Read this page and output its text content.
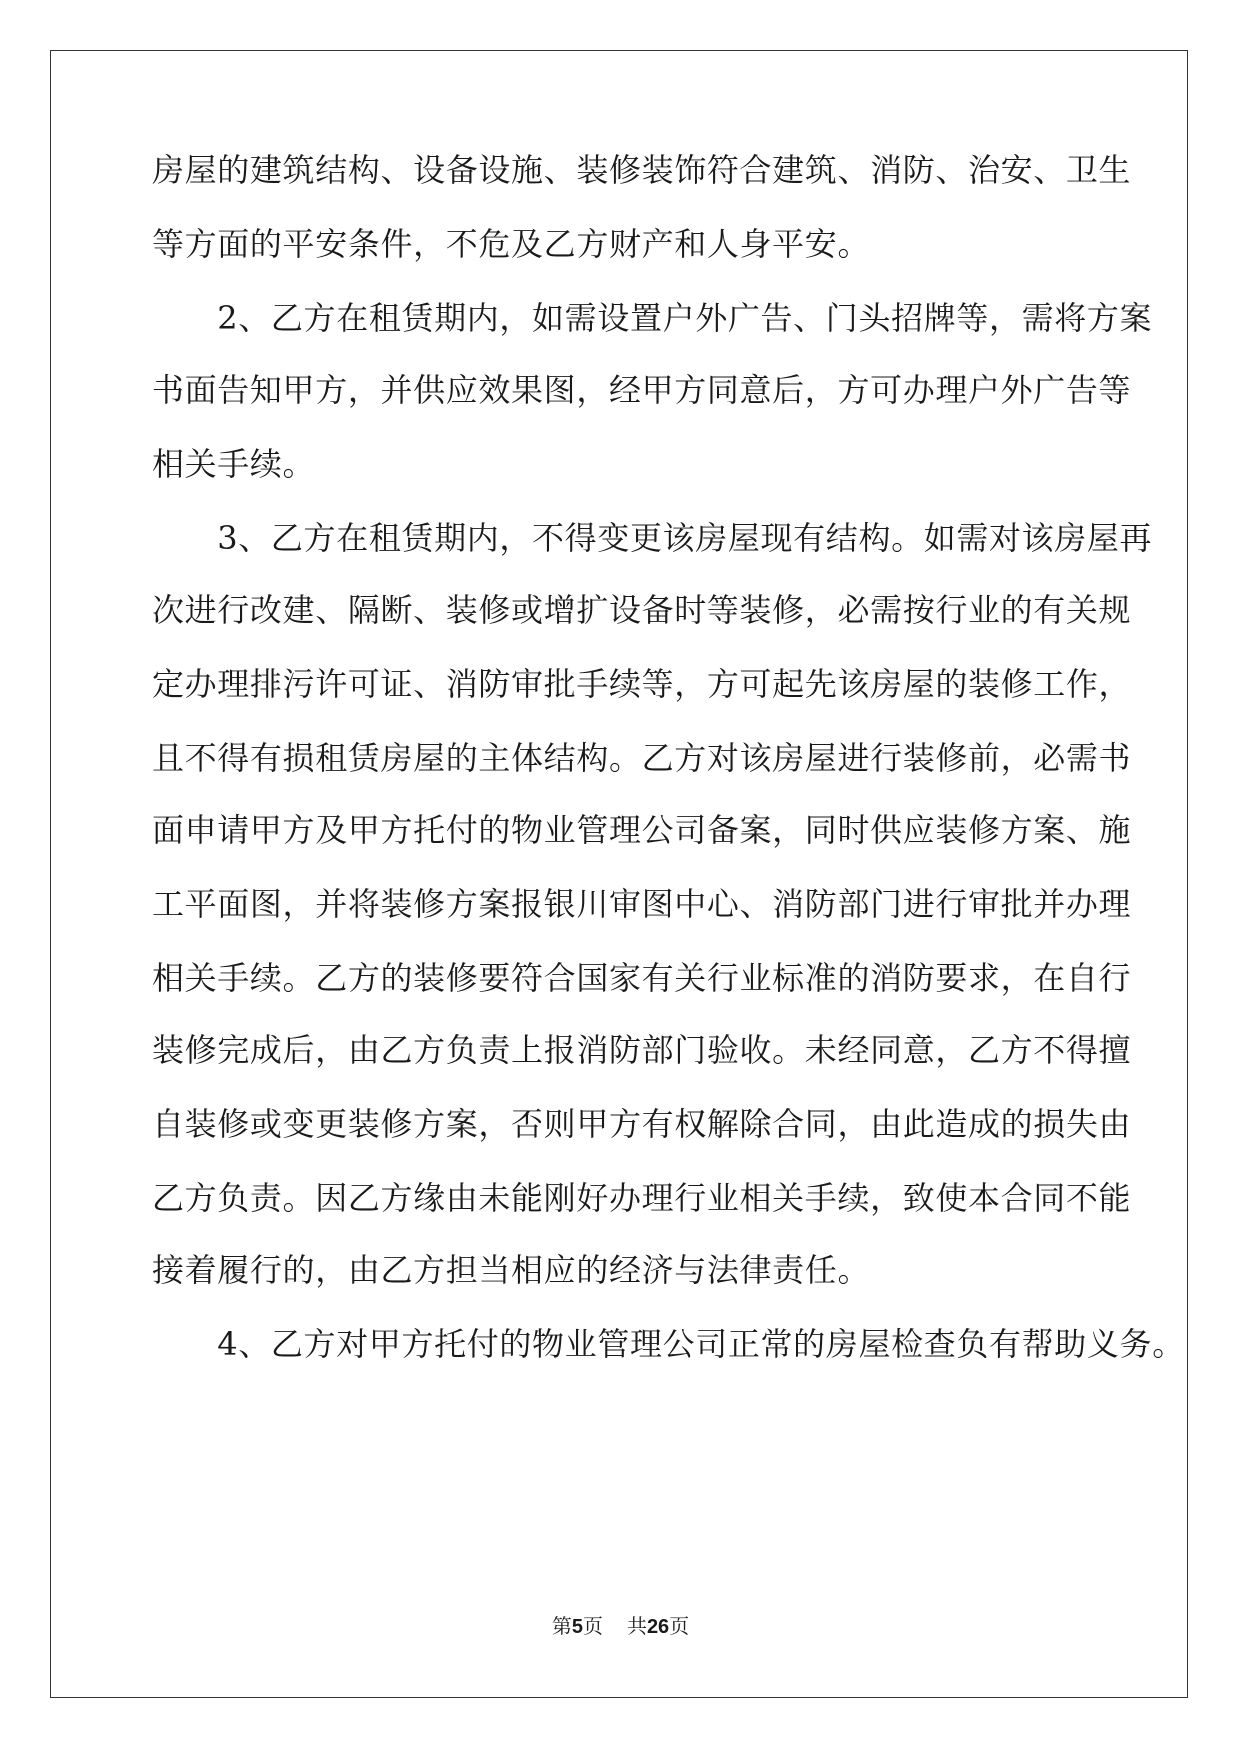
房屋的建筑结构、设备设施、装修装饰符合建筑、消防、治安、卫生
等方面的平安条件，不危及乙方财产和人身平安。
　　2、乙方在租赁期内，如需设置户外广告、门头招牌等，需将方案
书面告知甲方，并供应效果图，经甲方同意后，方可办理户外广告等
相关手续。
　　3、乙方在租赁期内，不得变更该房屋现有结构。如需对该房屋再
次进行改建、隔断、装修或增扩设备时等装修，必需按行业的有关规
定办理排污许可证、消防审批手续等，方可起先该房屋的装修工作，
且不得有损租赁房屋的主体结构。乙方对该房屋进行装修前，必需书
面申请甲方及甲方托付的物业管理公司备案，同时供应装修方案、施
工平面图，并将装修方案报银川审图中心、消防部门进行审批并办理
相关手续。乙方的装修要符合国家有关行业标准的消防要求，在自行
装修完成后，由乙方负责上报消防部门验收。未经同意，乙方不得擅
自装修或变更装修方案，否则甲方有权解除合同，由此造成的损失由
乙方负责。因乙方缘由未能刚好办理行业相关手续，致使本合同不能
接着履行的，由乙方担当相应的经济与法律责任。
　　4、乙方对甲方托付的物业管理公司正常的房屋检查负有帮助义务。
第5页 共26页
